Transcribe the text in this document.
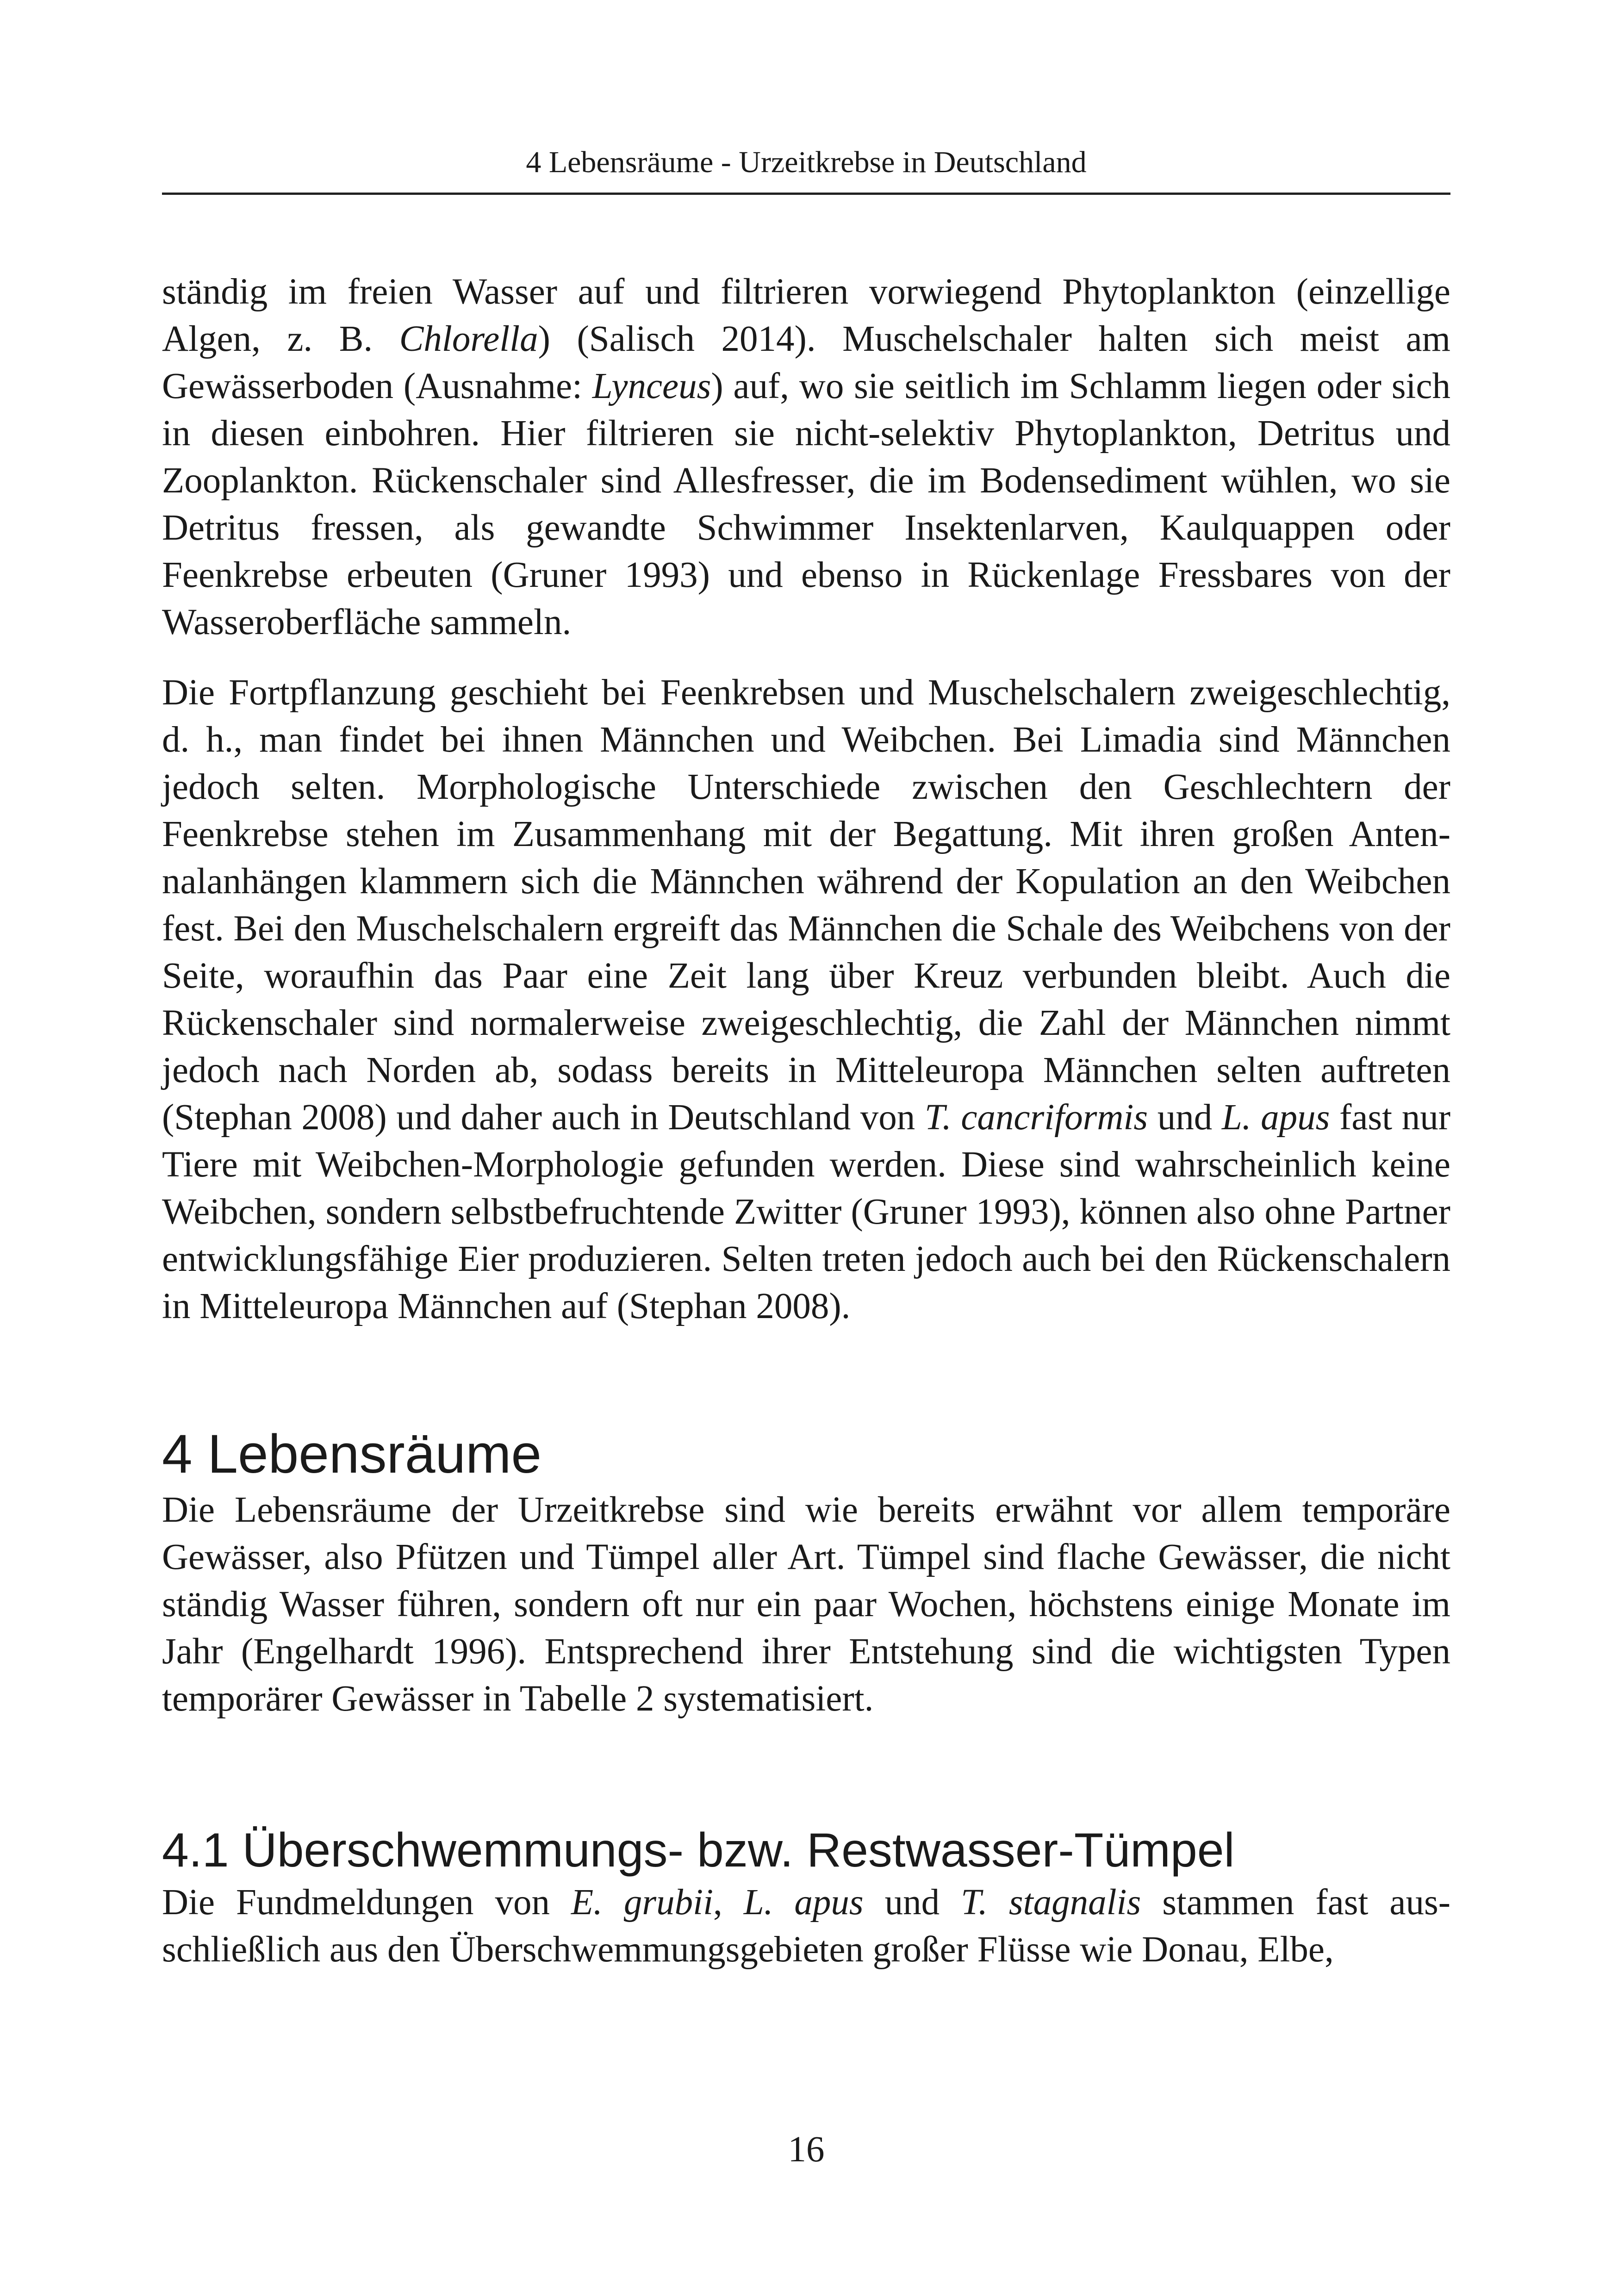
4 Lebensräume - Urzeitkrebse in Deutschland

ständig im freien Wasser auf und filtrieren vorwiegend Phytoplankton (einzellige Algen, z. B. Chlorella) (Salisch 2014). Muschelschaler halten sich meist am Gewässerboden (Ausnahme: Lynceus) auf, wo sie seitlich im Schlamm liegen oder sich in diesen einbohren. Hier filtrieren sie nicht-selektiv Phytoplankton, Detritus und Zooplankton. Rückenschaler sind Allesfresser, die im Bodensediment wühlen, wo sie Detritus fressen, als gewandte Schwimmer Insektenlarven, Kaulquappen oder Feenkrebse erbeuten (Gruner 1993) und ebenso in Rückenlage Fressbares von der Wasseroberfläche sammeln.

Die Fortpflanzung geschieht bei Feenkrebsen und Muschelschalern zweigeschlechtig, d. h., man findet bei ihnen Männchen und Weibchen. Bei Limadia sind Männchen jedoch selten. Morphologische Unterschiede zwischen den Geschlechtern der Feenkrebse stehen im Zusammenhang mit der Begattung. Mit ihren großen Antennalanhängen klammern sich die Männchen während der Kopulation an den Weibchen fest. Bei den Muschelschalern ergreift das Männchen die Schale des Weibchens von der Seite, woraufhin das Paar eine Zeit lang über Kreuz verbunden bleibt. Auch die Rückenschaler sind normalerweise zweigeschlechtig, die Zahl der Männchen nimmt jedoch nach Norden ab, sodass bereits in Mitteleuropa Männchen selten auftreten (Stephan 2008) und daher auch in Deutschland von T. cancriformis und L. apus fast nur Tiere mit Weibchen-Morphologie gefunden werden. Diese sind wahrscheinlich keine Weibchen, sondern selbstbefruchtende Zwitter (Gruner 1993), können also ohne Partner entwicklungsfähige Eier produzieren. Selten treten jedoch auch bei den Rückenschalern in Mitteleuropa Männchen auf (Stephan 2008).

4 Lebensräume

Die Lebensräume der Urzeitkrebse sind wie bereits erwähnt vor allem temporäre Gewässer, also Pfützen und Tümpel aller Art. Tümpel sind flache Gewässer, die nicht ständig Wasser führen, sondern oft nur ein paar Wochen, höchstens einige Monate im Jahr (Engelhardt 1996). Entsprechend ihrer Entstehung sind die wichtigsten Typen temporärer Gewässer in Tabelle 2 systematisiert.

4.1 Überschwemmungs- bzw. Restwasser-Tümpel

Die Fundmeldungen von E. grubii, L. apus und T. stagnalis stammen fast ausschließlich aus den Überschwemmungsgebieten großer Flüsse wie Donau, Elbe,

16
